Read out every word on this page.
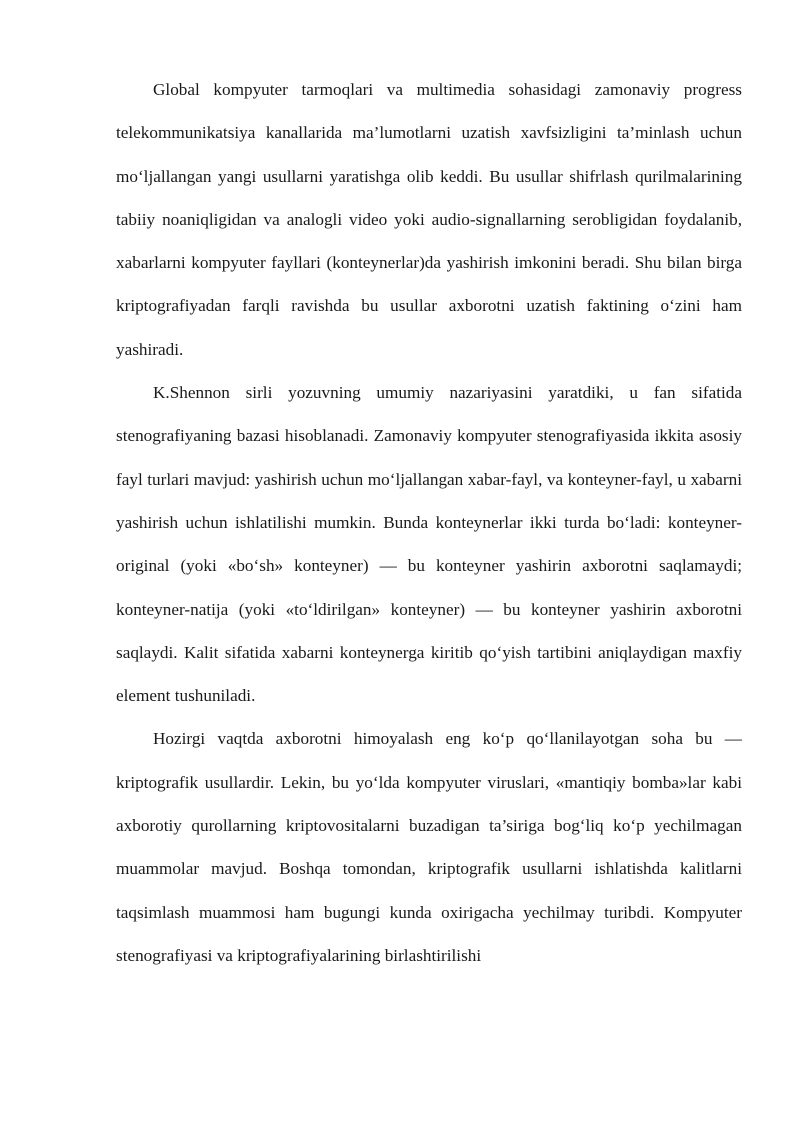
Global kompyuter tarmoqlari va multimedia sohasidagi zamonaviy progress telekommunikatsiya kanallarida ma’lumotlarni uzatish xavfsizligini ta’minlash uchun mo‘ljallangan yangi usullarni yaratishga olib keddi. Bu usullar shifrlash qurilmalarining tabiiy noaniqligidan va analogli video yoki audio-signallarning serobligidan foydalanib, xabarlarni kompyuter fayllari (konteynerlar)da yashirish imkonini beradi. Shu bilan birga kriptografiyadan farqli ravishda bu usullar axborotni uzatish faktining o‘zini ham yashiradi.

K.Shennon sirli yozuvning umumiy nazariyasini yaratdiki, u fan sifatida stenografiyaning bazasi hisoblanadi. Zamonaviy kompyuter stenografiyasida ikkita asosiy fayl turlari mavjud: yashirish uchun mo‘ljallangan xabar-fayl, va konteyner-fayl, u xabarni yashirish uchun ishlatilishi mumkin. Bunda konteynerlar ikki turda bo‘ladi: konteyner-original (yoki «bo‘sh» konteyner) — bu konteyner yashirin axborotni saqlamaydi; konteyner-natija (yoki «to‘ldirilgan» konteyner) — bu konteyner yashirin axborotni saqlaydi. Kalit sifatida xabarni konteynerga kiritib qo‘yish tartibini aniqlaydigan maxfiy element tushuniladi.

Hozirgi vaqtda axborotni himoyalash eng ko‘p qo‘llanilayotgan soha bu — kriptografik usullardir. Lekin, bu yo‘lda kompyuter viruslari, «mantiqiy bomba»lar kabi axborotiy qurollarning kriptovositalarni buzadigan ta’siriga bog‘liq ko‘p yechilmagan muammolar mavjud. Boshqa tomondan, kriptografik usullarni ishlatishda kalitlarni taqsimlash muammosi ham bugungi kunda oxirigacha yechilmay turibdi. Kompyuter stenografiyasi va kriptografiyalarining birlashtirilishi
